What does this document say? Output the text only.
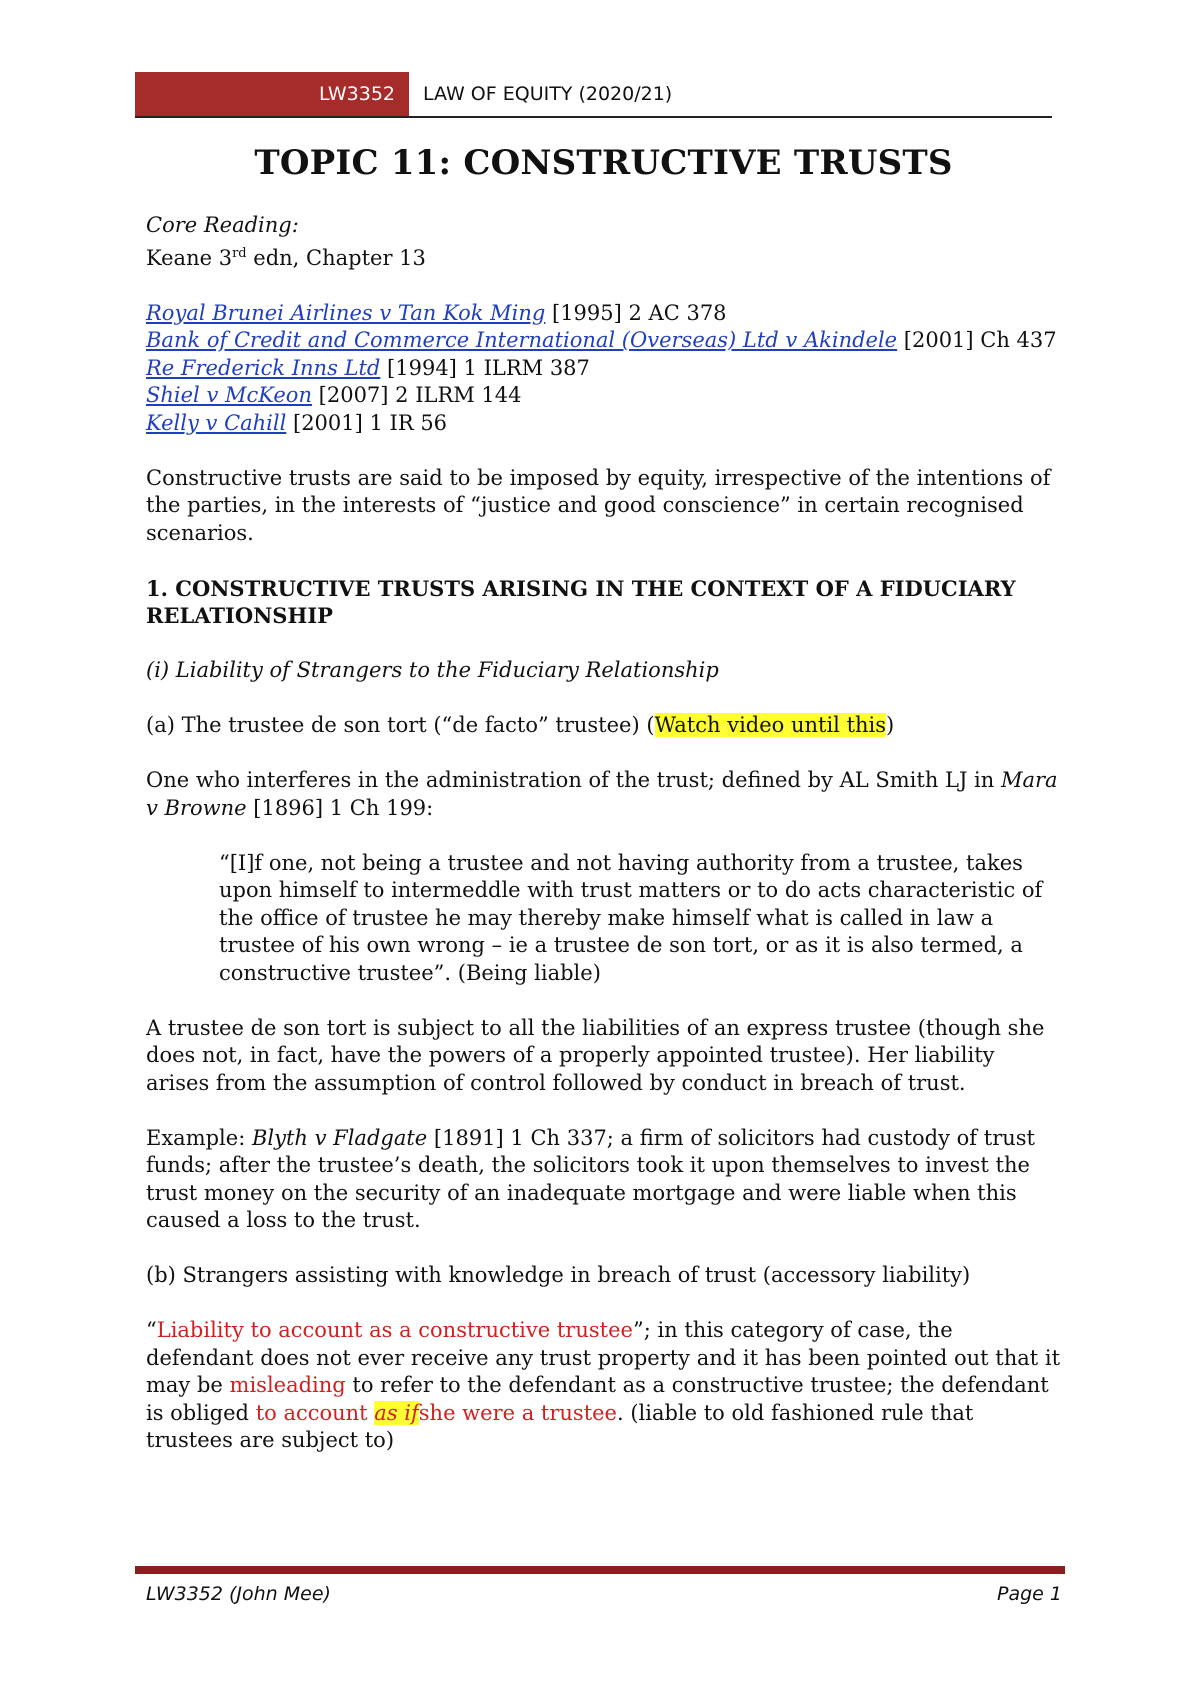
LW3352	LAW OF EQUITY (2020/21)
TOPIC 11: CONSTRUCTIVE TRUSTS

Core Reading:
Keane 3rd edn, Chapter 13

Royal Brunei Airlines v Tan Kok Ming [1995] 2 AC 378
Bank of Credit and Commerce International (Overseas) Ltd v Akindele [2001] Ch 437
Re Frederick Inns Ltd [1994] 1 ILRM 387
Shiel v McKeon [2007] 2 ILRM 144
Kelly v Cahill [2001] 1 IR 56

Constructive trusts are said to be imposed by equity, irrespective of the intentions of the parties, in the interests of “justice and good conscience” in certain recognised scenarios.

1. CONSTRUCTIVE TRUSTS ARISING IN THE CONTEXT OF A FIDUCIARY RELATIONSHIP

(i) Liability of Strangers to the Fiduciary Relationship

(a) The trustee de son tort (“de facto” trustee) (Watch video until this)

One who interferes in the administration of the trust; defined by AL Smith LJ in Mara v Browne [1896] 1 Ch 199:

“[I]f one, not being a trustee and not having authority from a trustee, takes upon himself to intermeddle with trust matters or to do acts characteristic of the office of trustee he may thereby make himself what is called in law a trustee of his own wrong – ie a trustee de son tort, or as it is also termed, a constructive trustee”. (Being liable)

A trustee de son tort is subject to all the liabilities of an express trustee (though she does not, in fact, have the powers of a properly appointed trustee). Her liability arises from the assumption of control followed by conduct in breach of trust.

Example: Blyth v Fladgate [1891] 1 Ch 337; a firm of solicitors had custody of trust funds; after the trustee’s death, the solicitors took it upon themselves to invest the trust money on the security of an inadequate mortgage and were liable when this caused a loss to the trust.

(b) Strangers assisting with knowledge in breach of trust (accessory liability)

“Liability to account as a constructive trustee”; in this category of case, the defendant does not ever receive any trust property and it has been pointed out that it may be misleading to refer to the defendant as a constructive trustee; the defendant is obliged to account as ifshe were a trustee. (liable to old fashioned rule that trustees are subject to)

LW3352 (John Mee)	Page 1
